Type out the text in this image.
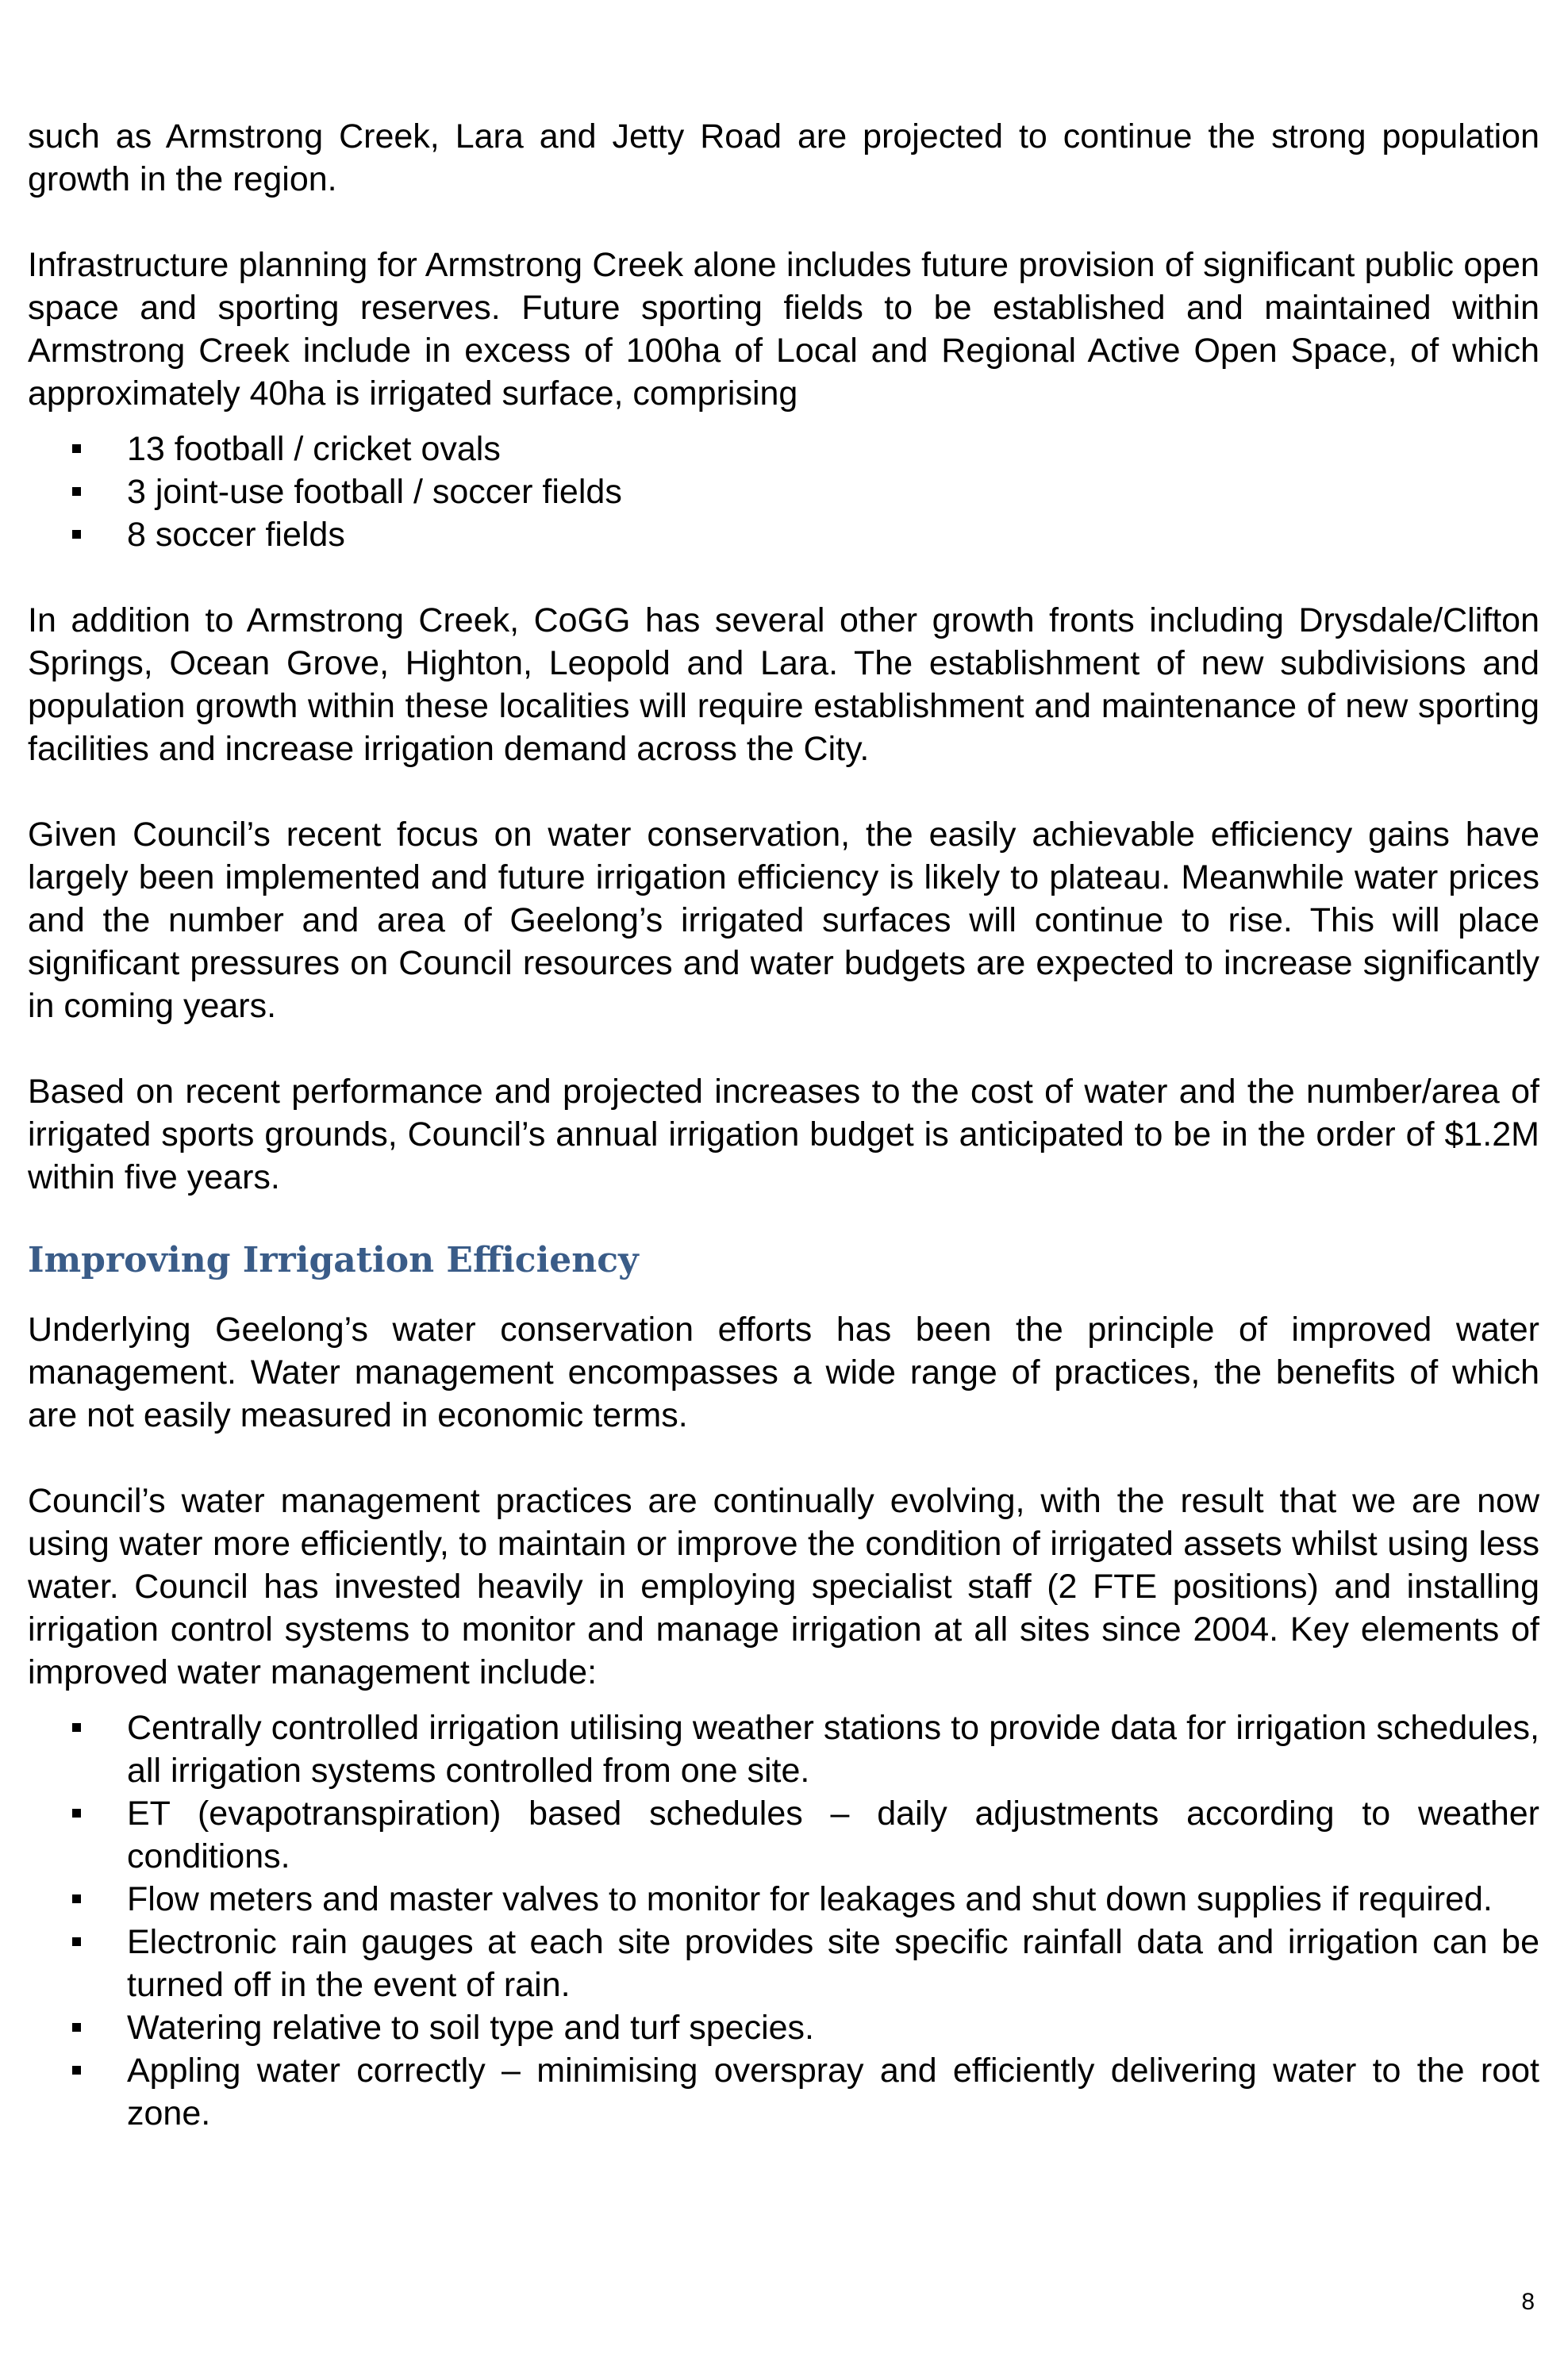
such as Armstrong Creek, Lara and Jetty Road are projected to continue the strong population growth in the region.

Infrastructure planning for Armstrong Creek alone includes future provision of significant public open space and sporting reserves. Future sporting fields to be established and maintained within Armstrong Creek include in excess of 100ha of Local and Regional Active Open Space, of which approximately 40ha is irrigated surface, comprising

13 football / cricket ovals
3 joint-use football / soccer fields
8 soccer fields

In addition to Armstrong Creek, CoGG has several other growth fronts including Drysdale/Clifton Springs, Ocean Grove, Highton, Leopold and Lara. The establishment of new subdivisions and population growth within these localities will require establishment and maintenance of new sporting facilities and increase irrigation demand across the City.

Given Council’s recent focus on water conservation, the easily achievable efficiency gains have largely been implemented and future irrigation efficiency is likely to plateau. Meanwhile water prices and the number and area of Geelong’s irrigated surfaces will continue to rise. This will place significant pressures on Council resources and water budgets are expected to increase significantly in coming years.

Based on recent performance and projected increases to the cost of water and the number/area of irrigated sports grounds, Council’s annual irrigation budget is anticipated to be in the order of $1.2M within five years.

Improving Irrigation Efficiency

Underlying Geelong’s water conservation efforts has been the principle of improved water management. Water management encompasses a wide range of practices, the benefits of which are not easily measured in economic terms.

Council’s water management practices are continually evolving, with the result that we are now using water more efficiently, to maintain or improve the condition of irrigated assets whilst using less water. Council has invested heavily in employing specialist staff (2 FTE positions) and installing irrigation control systems to monitor and manage irrigation at all sites since 2004. Key elements of improved water management include:

Centrally controlled irrigation utilising weather stations to provide data for irrigation schedules, all irrigation systems controlled from one site.
ET (evapotranspiration) based schedules – daily adjustments according to weather conditions.
Flow meters and master valves to monitor for leakages and shut down supplies if required.
Electronic rain gauges at each site provides site specific rainfall data and irrigation can be turned off in the event of rain.
Watering relative to soil type and turf species.
Appling water correctly – minimising overspray and efficiently delivering water to the root zone.
8
